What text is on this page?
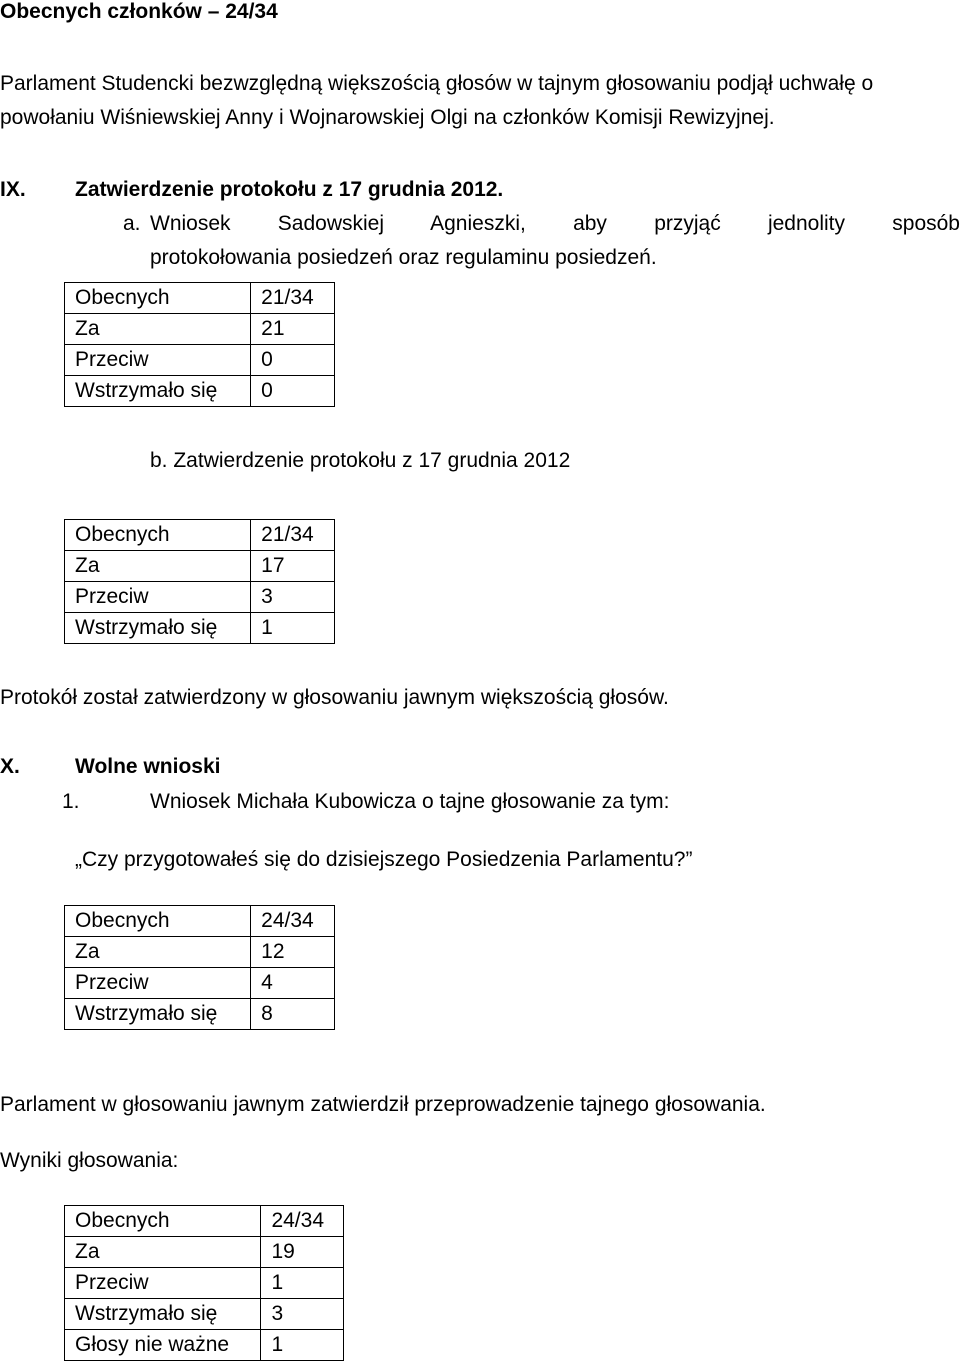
Obecnych członków – 24/34
Parlament Studencki bezwzględną większością głosów w tajnym głosowaniu podjął uchwałę o powołaniu Wiśniewskiej Anny i Wojnarowskiej Olgi na członków Komisji Rewizyjnej.
IX. Zatwierdzenie protokołu z 17 grudnia 2012.
a. Wniosek Sadowskiej Agnieszki, aby przyjąć jednolity sposób
protokołowania posiedzeń oraz regulaminu posiedzeń.
Obecnych	21/34
Za	21
Przeciw	0
Wstrzymało się	0
b. Zatwierdzenie protokołu z 17 grudnia 2012
Obecnych	21/34
Za	17
Przeciw	3
Wstrzymało się	1
Protokół został zatwierdzony w głosowaniu jawnym większością głosów.
X.	Wolne wnioski
1.	Wniosek Michała Kubowicza o tajne głosowanie za tym:
„Czy przygotowałeś się do dzisiejszego Posiedzenia Parlamentu?”
Obecnych	24/34
Za	12
Przeciw	4
Wstrzymało się	8
Parlament w głosowaniu jawnym zatwierdził przeprowadzenie tajnego głosowania.
Wyniki głosowania:
Obecnych	24/34
Za	19
Przeciw	1
Wstrzymało się	3
Głosy nie ważne	1
